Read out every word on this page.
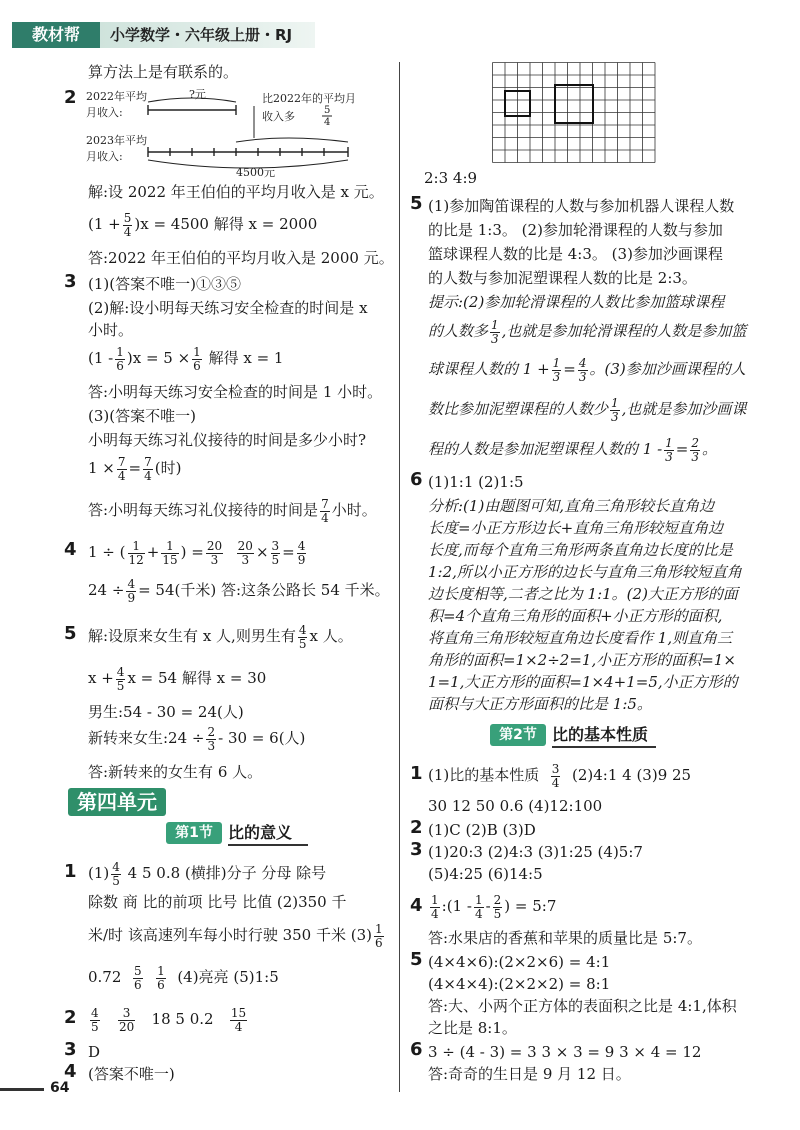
教材帮	小学数学・六年级上册・RJ
算方法上是有联系的。
2 2022年平均
月收入:
?元	比2022年的平均月
收入多	5
4
2023年平均
月收入:
4500元
解:设 2022 年王伯伯的平均月收入是 x 元。
$(1 + \frac{5}{4} )x = 4500$ 解得 x = 2000
答:2022 年王伯伯的平均月收入是 2000 元。
3 (1)(答案不唯一)①③⑤
(2)解:设小明每天练习安全检查的时间是 x
小时。
$(1 - \frac{1}{6} )x = 5 \times \frac{1}{6}$ 解得 x = 1
答:小明每天练习安全检查的时间是 1 小时。
(3)(答案不唯一)
小明每天练习礼仪接待的时间是多少小时?
$1 \times \frac{7}{4} = \frac{7}{4}$ (时)
答:小明每天练习礼仪接待的时间是 $\frac{7}{4}$ 小时。
4 1 ÷ ( $\frac{1}{12} + \frac{1}{15}$ ) = $\frac{20}{3}$
$\frac{20}{3} \times \frac{3}{5} = \frac{4}{9}$
$24 \div \frac{4}{9} = 54$(千米) 答:这条公路长 54 千米。
5 解:设原来女生有 x 人,则男生有 $\frac{4}{5}$ x 人。
$x + \frac{4}{5}$ x = 54 解得 x = 30
男生:54 - 30 = 24(人)
新转来女生:24 ÷ $\frac{2}{3} - 30 = 6$(人)
答:新转来的女生有 6 人。
第四单元
第1节 比的意义
1 $(1) \frac{4}{5} 4$ 5 0.8 (横排)分子 分母 除号
除数 商 比的前项 比号 比值 (2)350 千
米/时 该高速列车每小时行驶 350 千米 $(3) \frac{1}{6}$
$0.72 \frac{5}{6}$
$\frac{1}{6} (4)$亮亮 (5)1:5
$2 \frac{4}{5}$
$\frac{3}{20} 18$ 5 $0.2 \frac{15}{4}$
3 D
4 (答案不唯一)
64
2:3 4:9
5 (1)参加陶笛课程的人数与参加机器人课程人数
的比是 1:3。 (2)参加轮滑课程的人数与参加
篮球课程人数的比是 4:3。 (3)参加沙画课程
的人数与参加泥塑课程人数的比是 2:3。
提示:(2)参加轮滑课程的人数比参加篮球课程
的人数多 $\frac{1}{3}$ ,也就是参加轮滑课程的人数是参加篮
球课程人数的 $1 + \frac{1}{3} = \frac{4}{3}$ 。(3)参加沙画课程的人
数比参加泥塑课程的人数少 $\frac{1}{3}$ ,也就是参加沙画课
程的人数是参加泥塑课程人数的 $1 - \frac{1}{3} = \frac{2}{3}$ 。
6 (1)1:1 (2)1:5
分析:(1)由题图可知,直角三角形较长直角边
长度=小正方形边长+直角三角形较短直角边
长度,而每个直角三角形两条直角边长度的比是
1:2,所以小正方形的边长与直角三角形较短直角
边长度相等,二者之比为 1:1。(2)大正方形的面
积=4个直角三角形的面积+小正方形的面积,
将直角三角形较短直角边长度看作 1,则直角三
角形的面积=1×2÷2=1,小正方形的面积=1×
1=1,大正方形的面积=1×4+1=5,小正方形的
面积与大正方形面积的比是 1:5。
第2节 比的基本性质
1 (1)比的基本性质 $\frac{3}{4}$ (2)4:1 4 (3)9 25
30 12 50 0.6 (4)12:100
2 (1)C (2)B (3)D
3 (1)20:3 (2)4:3 (3)1:25 (4)5:7
(5)4:25 (6)14:5
$4 \frac{1}{4}$ :(1 - $\frac{1}{4} - \frac{2}{5}$ ) = 5:7
答:水果店的香蕉和苹果的质量比是 5:7。
5 (4×4×6):(2×2×6) = 4:1
(4×4×4):(2×2×2) = 8:1
答:大、小两个正方体的表面积之比是 4:1,体积
之比是 8:1。
6 3 ÷ (4 - 3) = 3 3 × 3 = 9 3 × 4 = 12
答:奇奇的生日是 9 月 12 日。
